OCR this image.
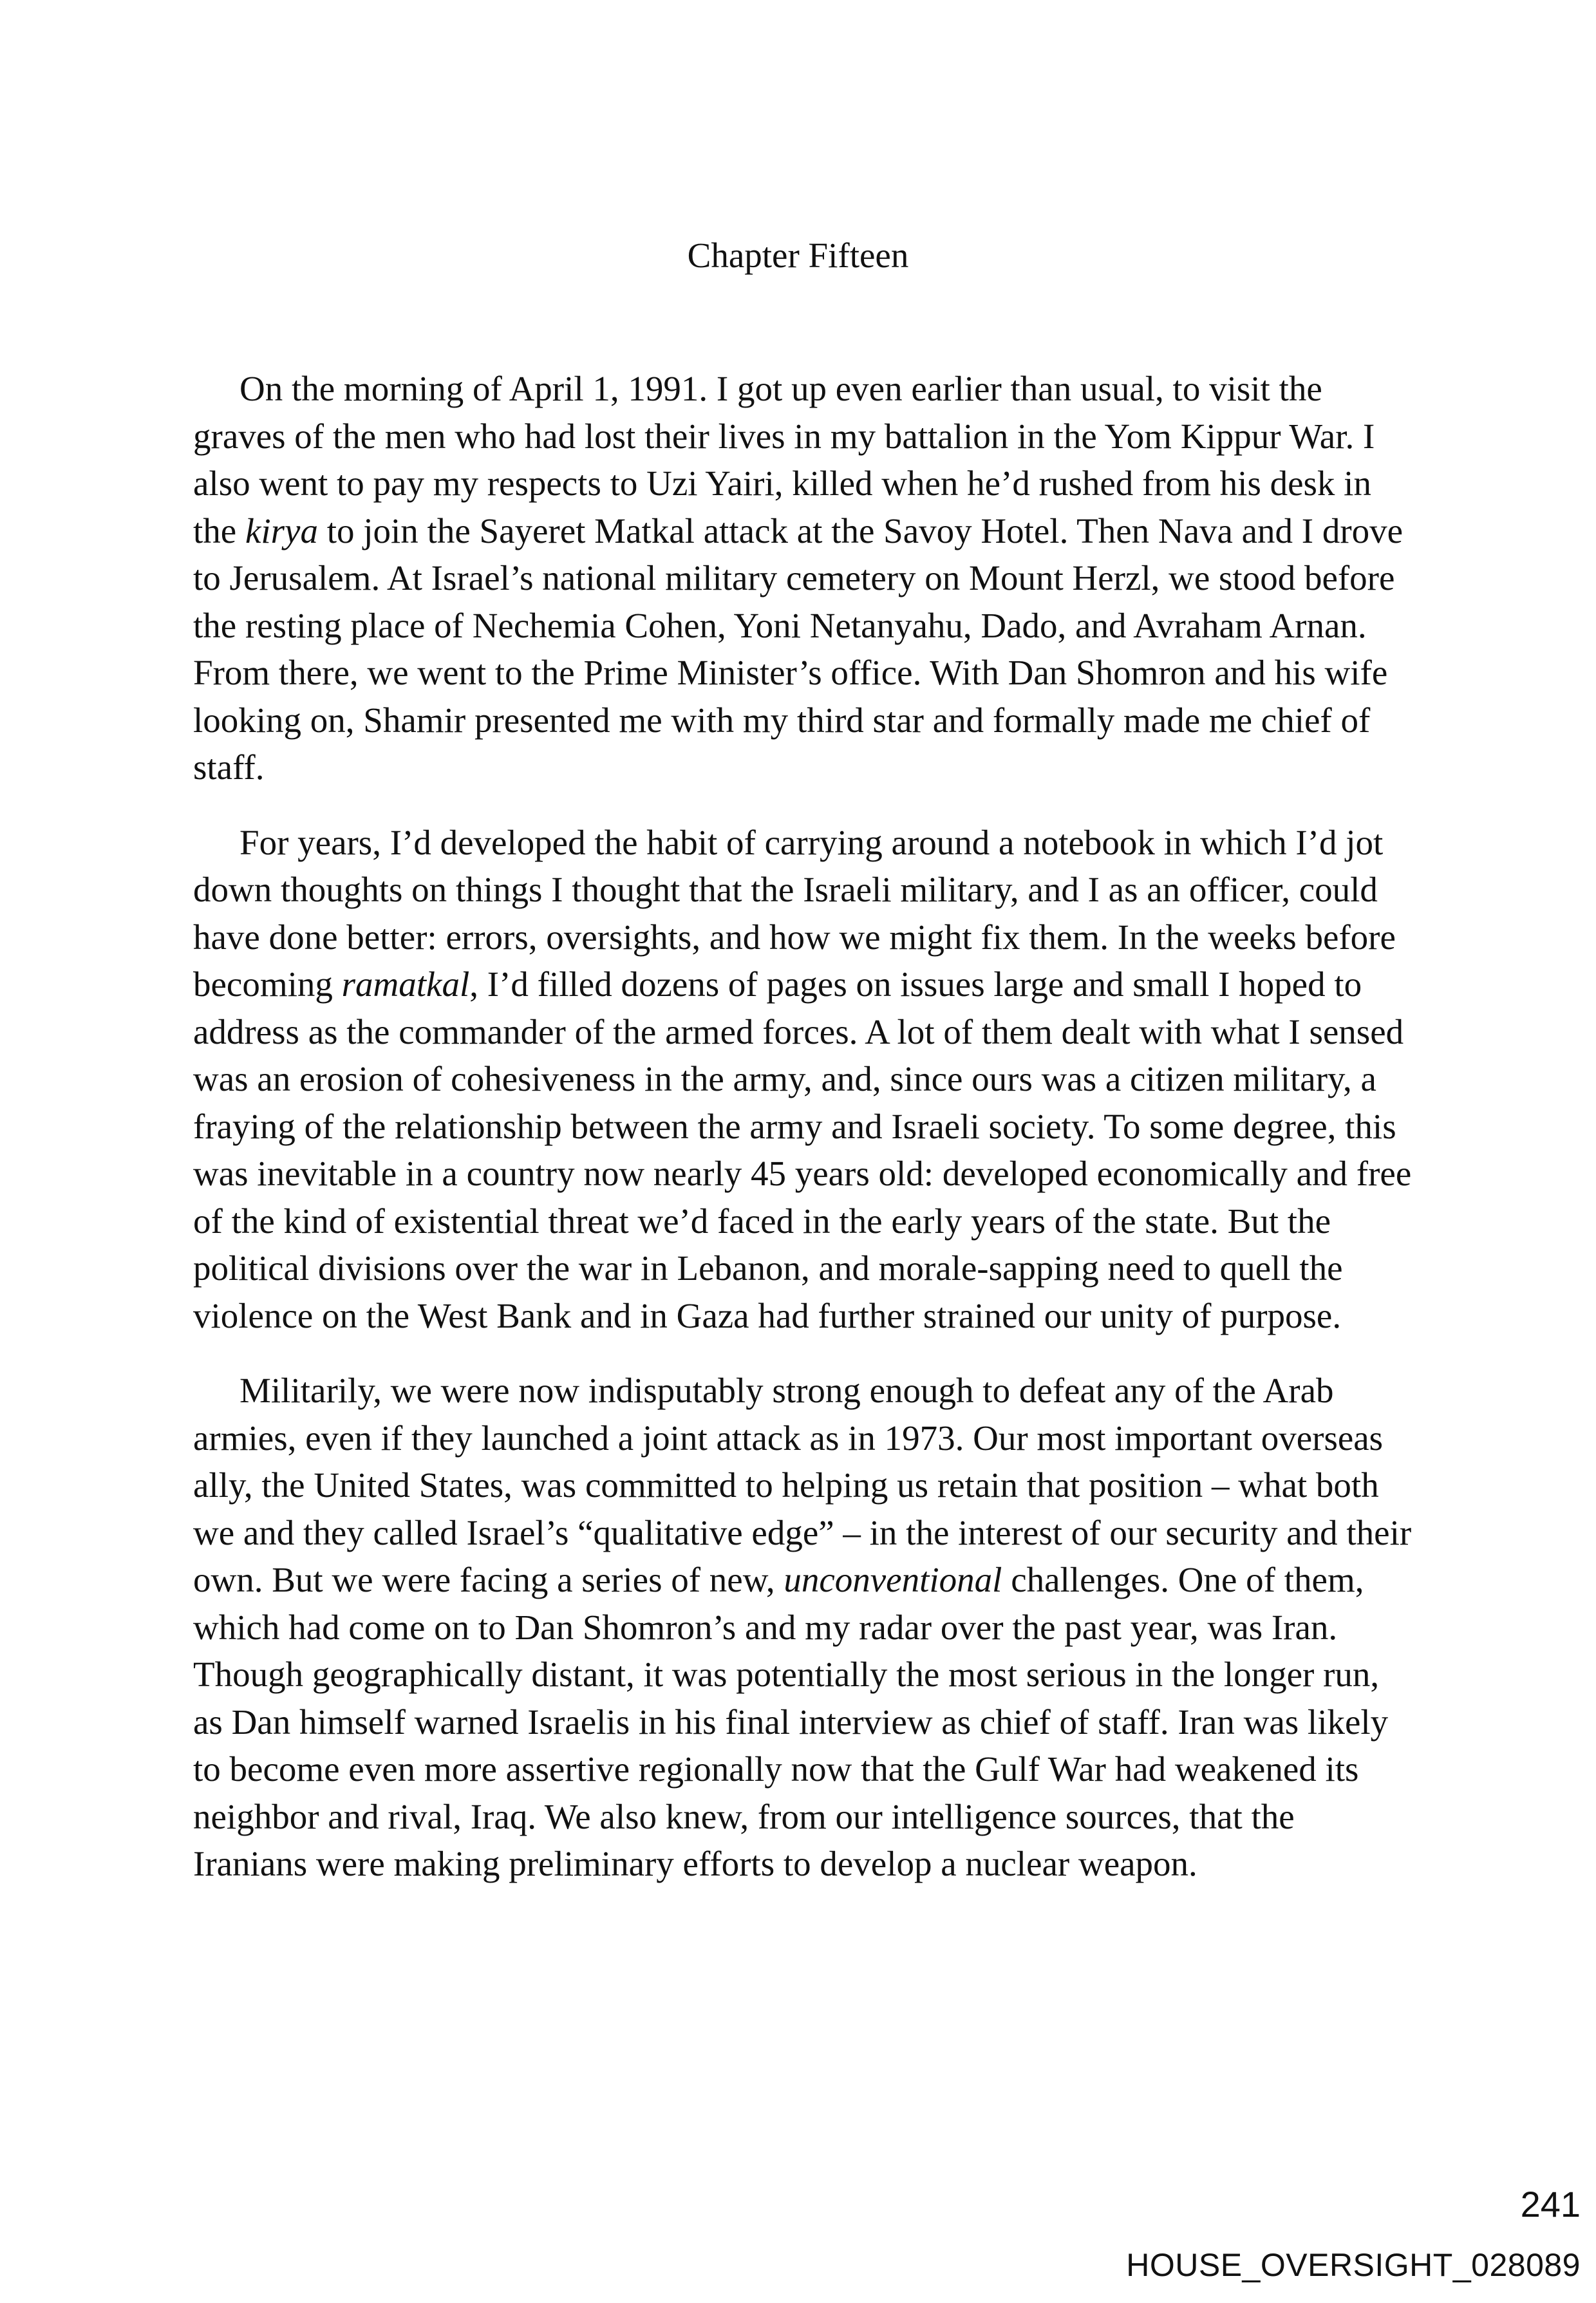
Chapter Fifteen

On the morning of April 1, 1991. I got up even earlier than usual, to visit the graves of the men who had lost their lives in my battalion in the Yom Kippur War. I also went to pay my respects to Uzi Yairi, killed when he’d rushed from his desk in the kirya to join the Sayeret Matkal attack at the Savoy Hotel. Then Nava and I drove to Jerusalem. At Israel’s national military cemetery on Mount Herzl, we stood before the resting place of Nechemia Cohen, Yoni Netanyahu, Dado, and Avraham Arnan. From there, we went to the Prime Minister’s office. With Dan Shomron and his wife looking on, Shamir presented me with my third star and formally made me chief of staff.

For years, I’d developed the habit of carrying around a notebook in which I’d jot down thoughts on things I thought that the Israeli military, and I as an officer, could have done better: errors, oversights, and how we might fix them. In the weeks before becoming ramatkal, I’d filled dozens of pages on issues large and small I hoped to address as the commander of the armed forces. A lot of them dealt with what I sensed was an erosion of cohesiveness in the army, and, since ours was a citizen military, a fraying of the relationship between the army and Israeli society. To some degree, this was inevitable in a country now nearly 45 years old: developed economically and free of the kind of existential threat we’d faced in the early years of the state. But the political divisions over the war in Lebanon, and morale-sapping need to quell the violence on the West Bank and in Gaza had further strained our unity of purpose.

Militarily, we were now indisputably strong enough to defeat any of the Arab armies, even if they launched a joint attack as in 1973. Our most important overseas ally, the United States, was committed to helping us retain that position – what both we and they called Israel’s “qualitative edge” – in the interest of our security and their own. But we were facing a series of new, unconventional challenges. One of them, which had come on to Dan Shomron’s and my radar over the past year, was Iran. Though geographically distant, it was potentially the most serious in the longer run, as Dan himself warned Israelis in his final interview as chief of staff. Iran was likely to become even more assertive regionally now that the Gulf War had weakened its neighbor and rival, Iraq. We also knew, from our intelligence sources, that the Iranians were making preliminary efforts to develop a nuclear weapon.

241
HOUSE_OVERSIGHT_028089
